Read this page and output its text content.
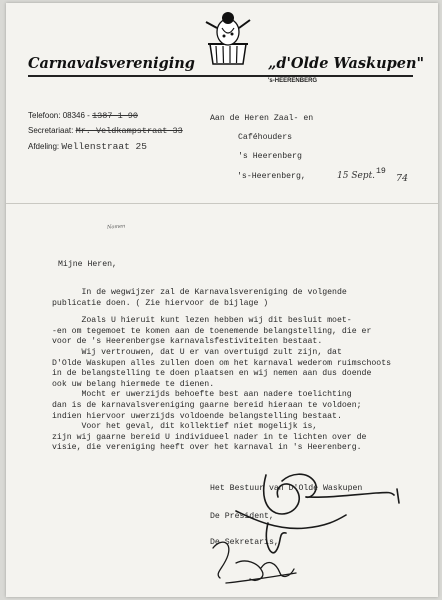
Carnavalsvereniging	„d'Olde Waskupen"
's-HEERENBERG
Telefoon: 08346 - 1387 1 90
Secretariaat: Mr. Veldkampstraat 33
Afdeling: Wellenstraat 25
Aan de Heren Zaal- en
Caféhouders
's Heerenberg
's-Heerenberg,	15 Sept. 19
74
Mijne Heren,
Nomen
In de wegwijzer zal de Karnavalsvereniging de volgende
publicatie doen. ( Zie hiervoor de bijlage )
Zoals U hieruit kunt lezen hebben wij dit besluit moet-
-en om tegemoet te komen aan de toenemende belangstelling, die er
voor de 's Heerenbergse karnavalsfestiviteiten bestaat.
Wij vertrouwen, dat U er van overtuigd zult zijn, dat
D'Olde Waskupen alles zullen doen om het karnaval wederom ruimschoots
in de belangstelling te doen plaatsen en wij nemen aan dus doende
ook uw belang hiermede te dienen.
Mocht er uwerzijds behoefte best aan nadere toelichting
dan is de karnavalsvereniging gaarne bereid hieraan te voldoen;
indien hiervoor uwerzijds voldoende belangstelling bestaat.
Voor het geval, dit kollektief niet mogelijk is,
zijn wij gaarne bereid U individueel nader in te lichten over de
visie, die vereniging heeft over het karnaval in 's Heerenberg.
Het Bestuur van D'Olde Waskupen
De President,
De Sekretaris,
